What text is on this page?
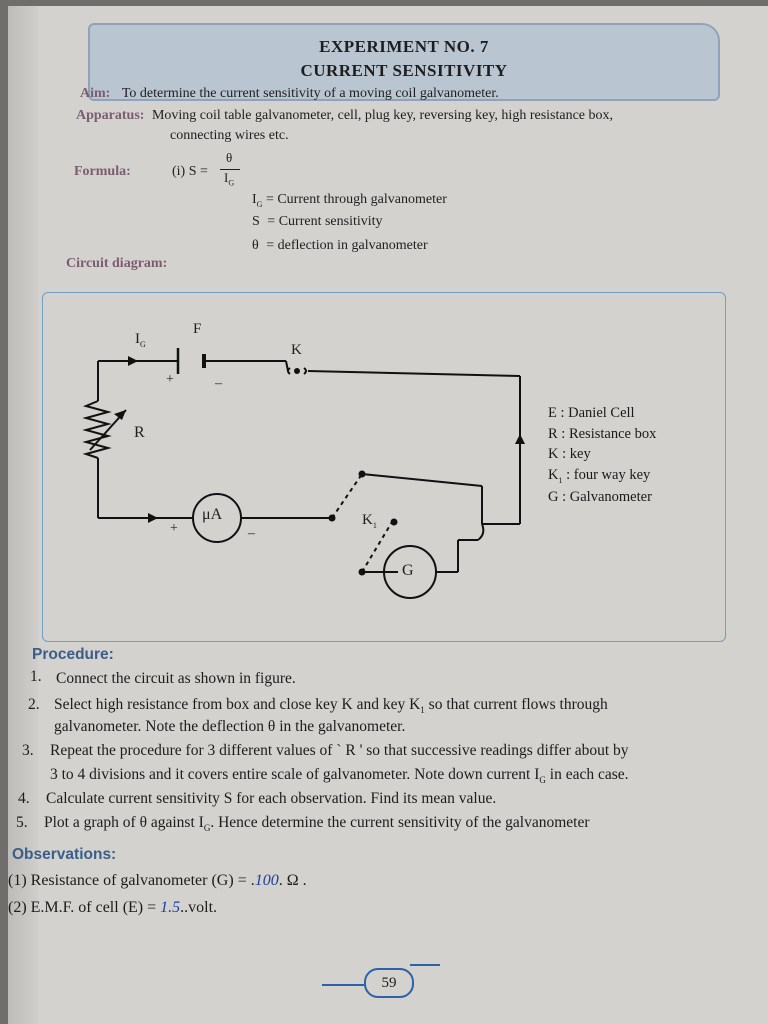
EXPERIMENT NO. 7
CURRENT SENSITIVITY
Aim: To determine the current sensitivity of a moving coil galvanometer.
Apparatus: Moving coil table galvanometer, cell, plug key, reversing key, high resistance box,
connecting wires etc.
Formula:	(i) S =
θ
$I_G$
$I_G$ = Current through galvanometer
S = Current sensitivity
θ = deflection in galvanometer
Circuit diagram:
$I_G$
F
+	–
K
R
μA
+	–
$K_1$
G
E : Daniel Cell
R : Resistance box
K : key
$K_1$ : four way key
G : Galvanometer
Procedure:
1. Connect the circuit as shown in figure.
2. Select high resistance from box and close key K and key $K_1$ so that current flows through
galvanometer. Note the deflection θ in the galvanometer.
3. Repeat the procedure for 3 different values of ` R ' so that successive readings differ about by
3 to 4 divisions and it covers entire scale of galvanometer. Note down current $I_G$ in each case.
4. Calculate current sensitivity S for each observation. Find its mean value.
5. Plot a graph of θ against $I_G$. Hence determine the current sensitivity of the galvanometer
Observations:
(1) Resistance of galvanometer (G) = .100. Ω .
(2) E.M.F. of cell (E) = 1.5..volt.
59
